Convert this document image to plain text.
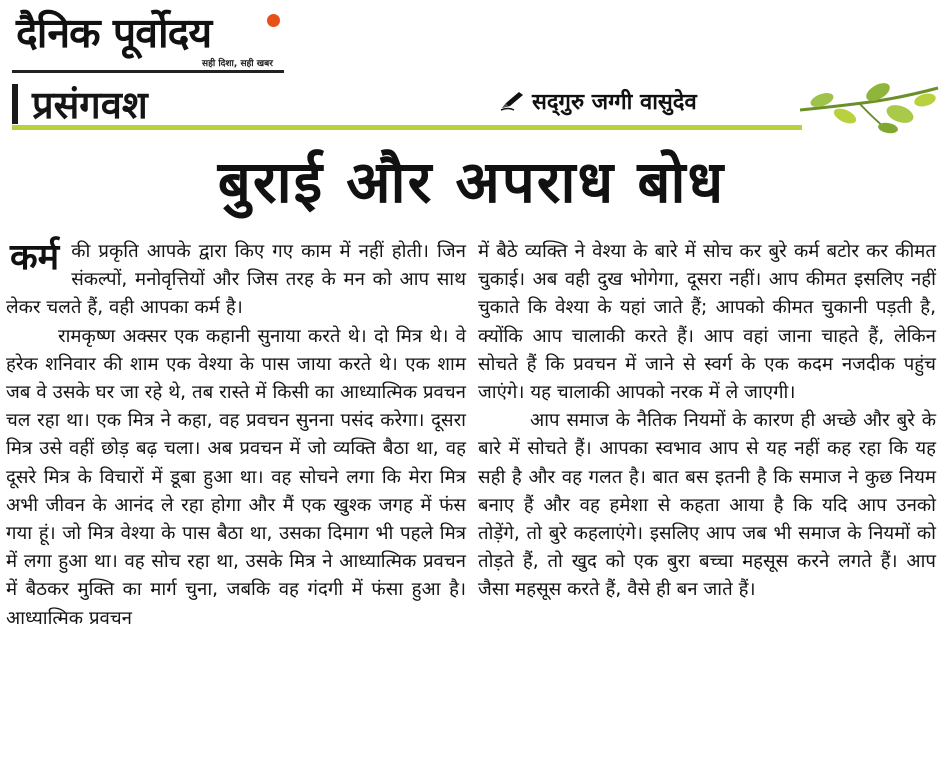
दैनिक पूर्वोदय
सही दिशा, सही खबर
प्रसंगवश	सद्‌गुरु जग्गी वासुदेव
बुराई और अपराध बोध

कर्म की प्रकृति आपके द्वारा किए गए काम में नहीं होती। जिन संकल्पों, मनोवृत्तियों और जिस तरह के मन को आप साथ लेकर चलते हैं, वही आपका कर्म है।

रामकृष्ण अक्सर एक कहानी सुनाया करते थे। दो मित्र थे। वे हरेक शनिवार की शाम एक वेश्या के पास जाया करते थे। एक शाम जब वे उसके घर जा रहे थे, तब रास्ते में किसी का आध्यात्मिक प्रवचन चल रहा था। एक मित्र ने कहा, वह प्रवचन सुनना पसंद करेगा। दूसरा मित्र उसे वहीं छोड़ बढ़ चला। अब प्रवचन में जो व्यक्ति बैठा था, वह दूसरे मित्र के विचारों में डूबा हुआ था। वह सोचने लगा कि मेरा मित्र अभी जीवन के आनंद ले रहा होगा और मैं एक खुश्क जगह में फंस गया हूं। जो मित्र वेश्या के पास बैठा था, उसका दिमाग भी पहले मित्र में लगा हुआ था। वह सोच रहा था, उसके मित्र ने आध्यात्मिक प्रवचन में बैठकर मुक्ति का मार्ग चुना, जबकि वह गंदगी में फंसा हुआ है। आध्यात्मिक प्रवचन

में बैठे व्यक्ति ने वेश्या के बारे में सोच कर बुरे कर्म बटोर कर कीमत चुकाई। अब वही दुख भोगेगा, दूसरा नहीं। आप कीमत इसलिए नहीं चुकाते कि वेश्या के यहां जाते हैं; आपको कीमत चुकानी पड़ती है, क्योंकि आप चालाकी करते हैं। आप वहां जाना चाहते हैं, लेकिन सोचते हैं कि प्रवचन में जाने से स्वर्ग के एक कदम नजदीक पहुंच जाएंगे। यह चालाकी आपको नरक में ले जाएगी।

आप समाज के नैतिक नियमों के कारण ही अच्छे और बुरे के बारे में सोचते हैं। आपका स्वभाव आप से यह नहीं कह रहा कि यह सही है और वह गलत है। बात बस इतनी है कि समाज ने कुछ नियम बनाए हैं और वह हमेशा से कहता आया है कि यदि आप उनको तोड़ेंगे, तो बुरे कहलाएंगे। इसलिए आप जब भी समाज के नियमों को तोड़ते हैं, तो खुद को एक बुरा बच्चा महसूस करने लगते हैं। आप जैसा महसूस करते हैं, वैसे ही बन जाते हैं।
